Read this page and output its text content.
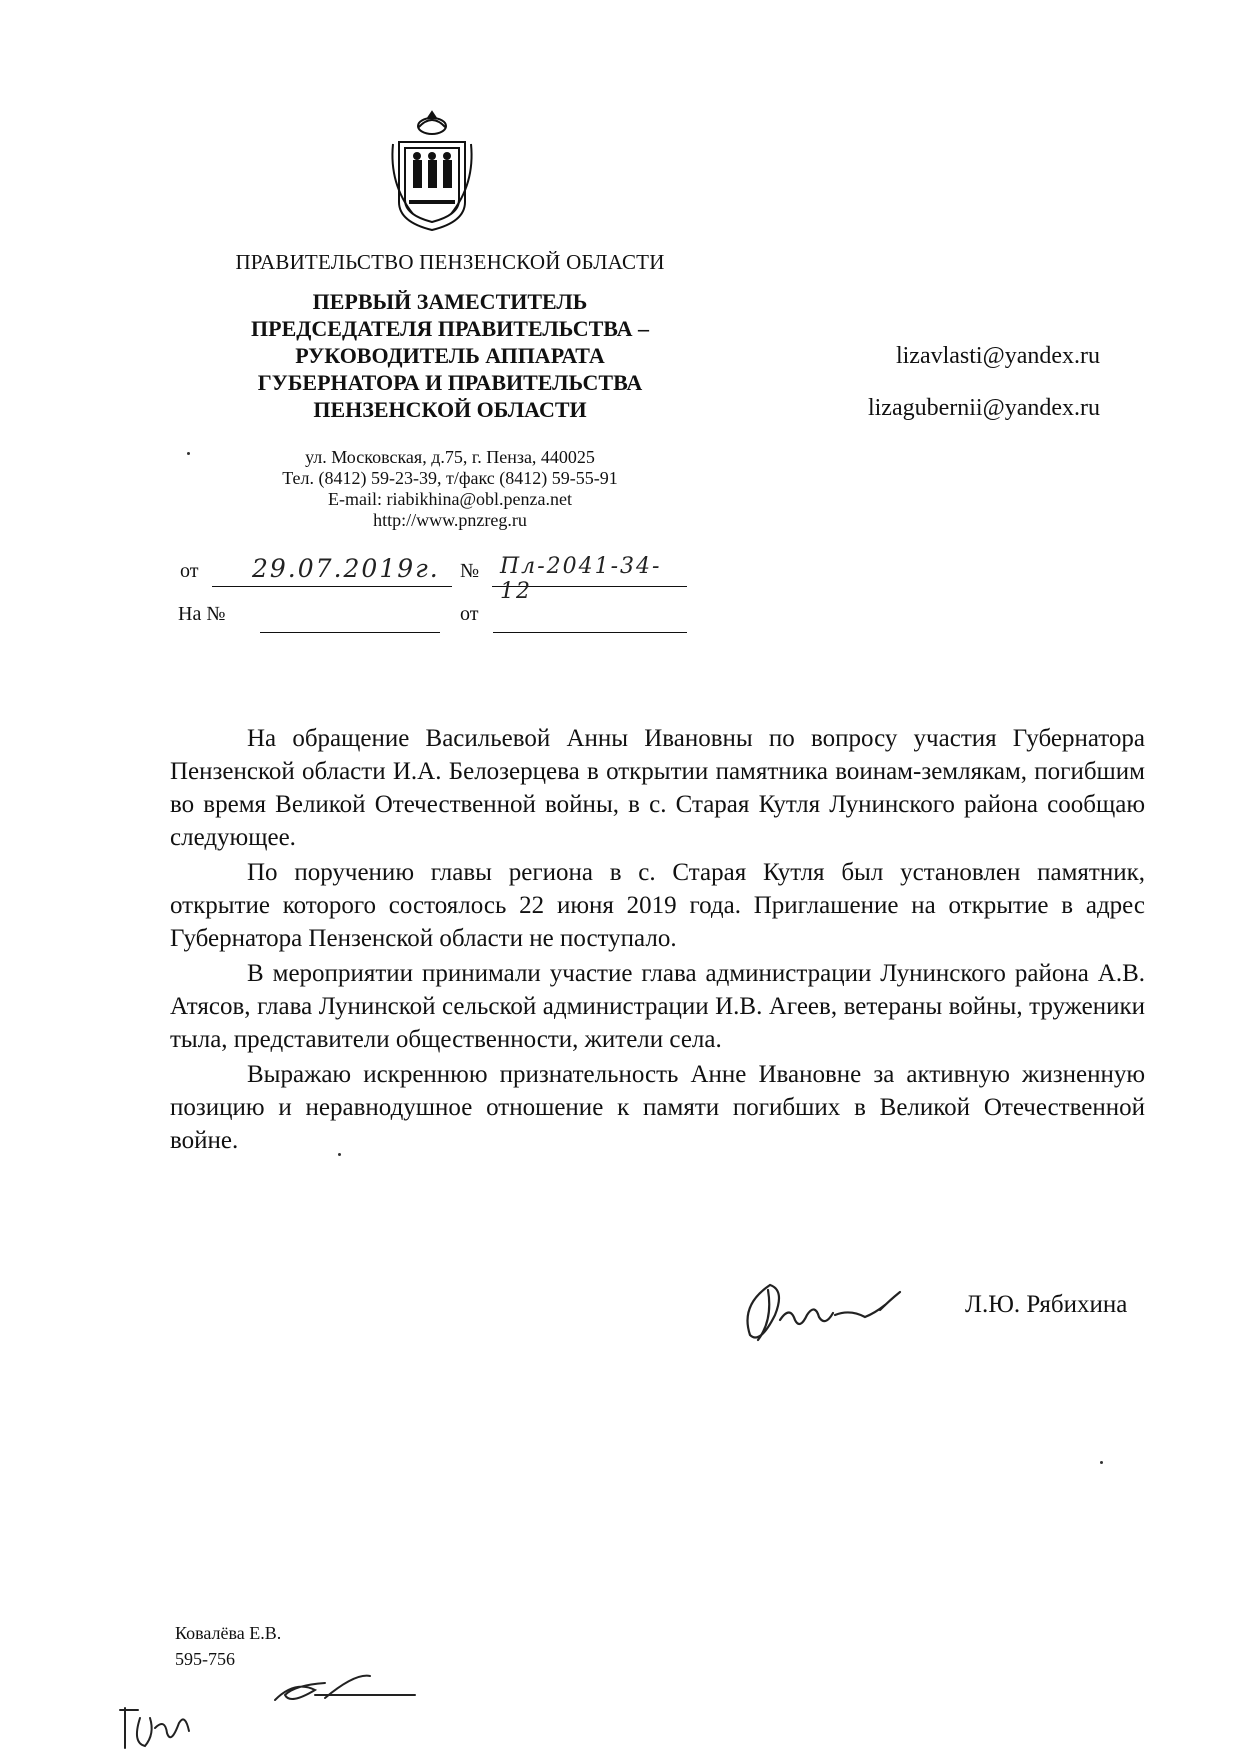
ПРАВИТЕЛЬСТВО ПЕНЗЕНСКОЙ ОБЛАСТИ
ПЕРВЫЙ ЗАМЕСТИТЕЛЬ
ПРЕДСЕДАТЕЛЯ ПРАВИТЕЛЬСТВА –
РУКОВОДИТЕЛЬ АППАРАТА
ГУБЕРНАТОРА И ПРАВИТЕЛЬСТВА
ПЕНЗЕНСКОЙ ОБЛАСТИ
ул. Московская, д.75, г. Пенза, 440025
Тел. (8412) 59-23-39, т/факс (8412) 59-55-91
E-mail: riabikhina@obl.penza.net
http://www.pnzreg.ru
lizavlasti@yandex.ru
lizagubernii@yandex.ru
от 29.07.2019г. № Пл-2041-34-12
На №	от

На обращение Васильевой Анны Ивановны по вопросу участия Губернатора Пензенской области И.А. Белозерцева в открытии памятника воинам-землякам, погибшим во время Великой Отечественной войны, в с. Старая Кутля Лунинского района сообщаю следующее.

По поручению главы региона в с. Старая Кутля был установлен памятник, открытие которого состоялось 22 июня 2019 года. Приглашение на открытие в адрес Губернатора Пензенской области не поступало.

В мероприятии принимали участие глава администрации Лунинского района А.В. Атясов, глава Лунинской сельской администрации И.В. Агеев, ветераны войны, труженики тыла, представители общественности, жители села.

Выражаю искреннюю признательность Анне Ивановне за активную жизненную позицию и неравнодушное отношение к памяти погибших в Великой Отечественной войне.

Л.Ю. Рябихина
Ковалёва Е.В.
595-756
